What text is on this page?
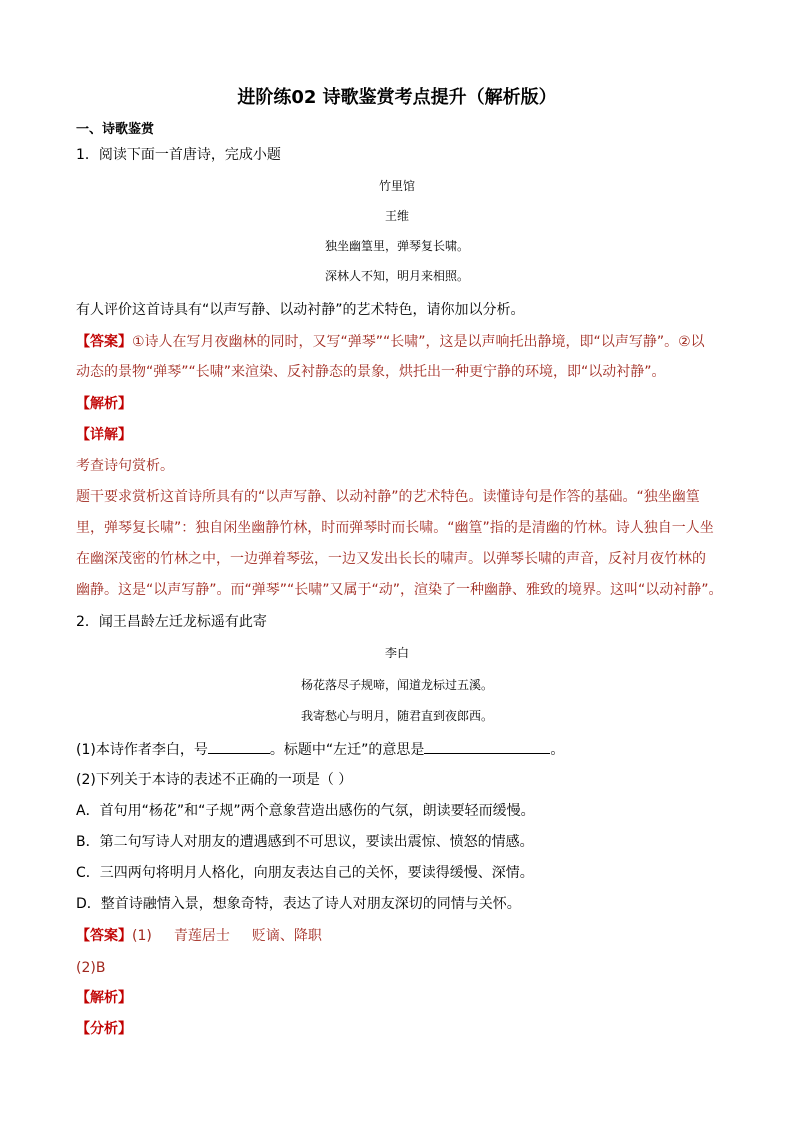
进阶练02 诗歌鉴赏考点提升（解析版）
一、诗歌鉴赏
1．阅读下面一首唐诗，完成小题
竹里馆
王维
独坐幽篁里，弹琴复长啸。
深林人不知，明月来相照。
有人评价这首诗具有“以声写静、以动衬静”的艺术特色，请你加以分析。
【答案】①诗人在写月夜幽林的同时，又写“弹琴”“长啸”，这是以声响托出静境，即“以声写静”。②以
动态的景物“弹琴”“长啸”来渲染、反衬静态的景象，烘托出一种更宁静的环境，即“以动衬静”。
【解析】
【详解】
考查诗句赏析。
题干要求赏析这首诗所具有的“以声写静、以动衬静”的艺术特色。读懂诗句是作答的基础。“独坐幽篁
里，弹琴复长啸”：独自闲坐幽静竹林，时而弹琴时而长啸。“幽篁”指的是清幽的竹林。诗人独自一人坐
在幽深茂密的竹林之中，一边弹着琴弦，一边又发出长长的啸声。以弹琴长啸的声音，反衬月夜竹林的
幽静。这是“以声写静”。而“弹琴”“长啸”又属于“动”，渲染了一种幽静、雅致的境界。这叫“以动衬静”。
2．闻王昌龄左迁龙标遥有此寄
李白
杨花落尽子规啼，闻道龙标过五溪。
我寄愁心与明月，随君直到夜郎西。
(1)本诗作者李白，号	。标题中“左迁”的意思是	。
(2)下列关于本诗的表述不正确的一项是（ ）
A．首句用“杨花”和“子规”两个意象营造出感伤的气氛，朗读要轻而缓慢。
B．第二句写诗人对朋友的遭遇感到不可思议，要读出震惊、愤怒的情感。
C．三四两句将明月人格化，向朋友表达自己的关怀，要读得缓慢、深情。
D．整首诗融情入景，想象奇特，表达了诗人对朋友深切的同情与关怀。
【答案】(1) 青莲居士 贬谪、降职
(2)B
【解析】
【分析】
